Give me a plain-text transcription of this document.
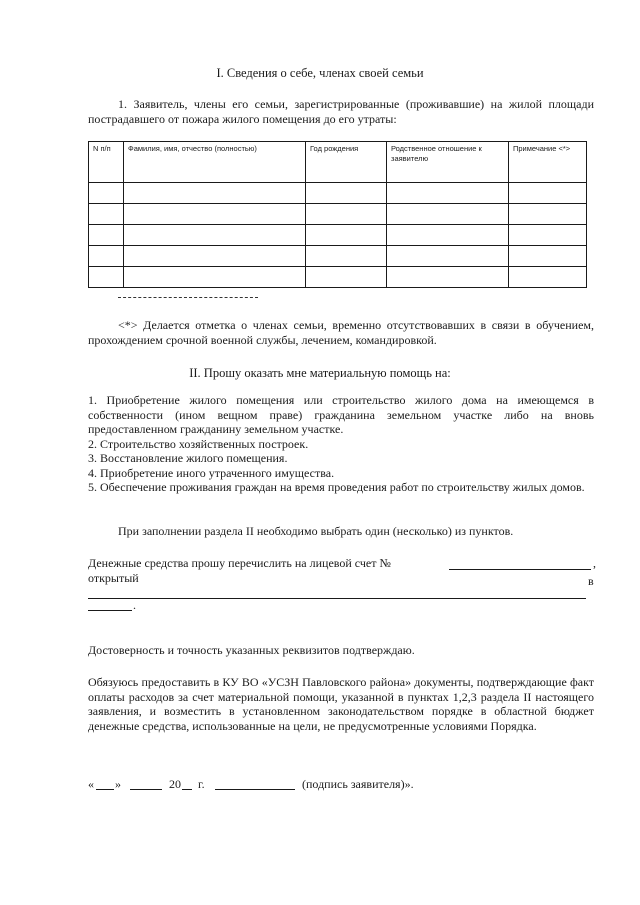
I. Сведения о себе, членах своей семьи
1. Заявитель, члены его семьи, зарегистрированные (проживавшие) на жилой площади пострадавшего от пожара жилого помещения до его утраты:
N п/п	Фамилия, имя, отчество (полностью)	Год рождения	Родственное отношение к заявителю	Примечание <*>

<*> Делается отметка о членах семьи, временно отсутствовавших в связи в обучением, прохождением срочной военной службы, лечением, командировкой.
II. Прошу оказать мне материальную помощь на:
1. Приобретение жилого помещения или строительство жилого дома на имеющемся в собственности (ином вещном праве) гражданина земельном участке либо на вновь предоставленном гражданину земельном участке.
2. Строительство хозяйственных построек.
3. Восстановление жилого помещения.
4. Приобретение иного утраченного имущества.
5. Обеспечение проживания граждан на время проведения работ по строительству жилых домов.
При заполнении раздела II необходимо выбрать один (несколько) из пунктов.
Денежные средства прошу перечислить на лицевой счет №	,
открытый	в
.
Достоверность и точность указанных реквизитов подтверждаю.
Обязуюсь предоставить в КУ ВО «УСЗН Павловского района» документы, подтверждающие факт оплаты расходов за счет материальной помощи, указанной в пунктах 1,2,3 раздела II настоящего заявления, и возместить в установленном законодательством порядке в областной бюджет денежные средства, использованные на цели, не предусмотренные условиями Порядка.
« »	20 г.	(подпись заявителя)».
